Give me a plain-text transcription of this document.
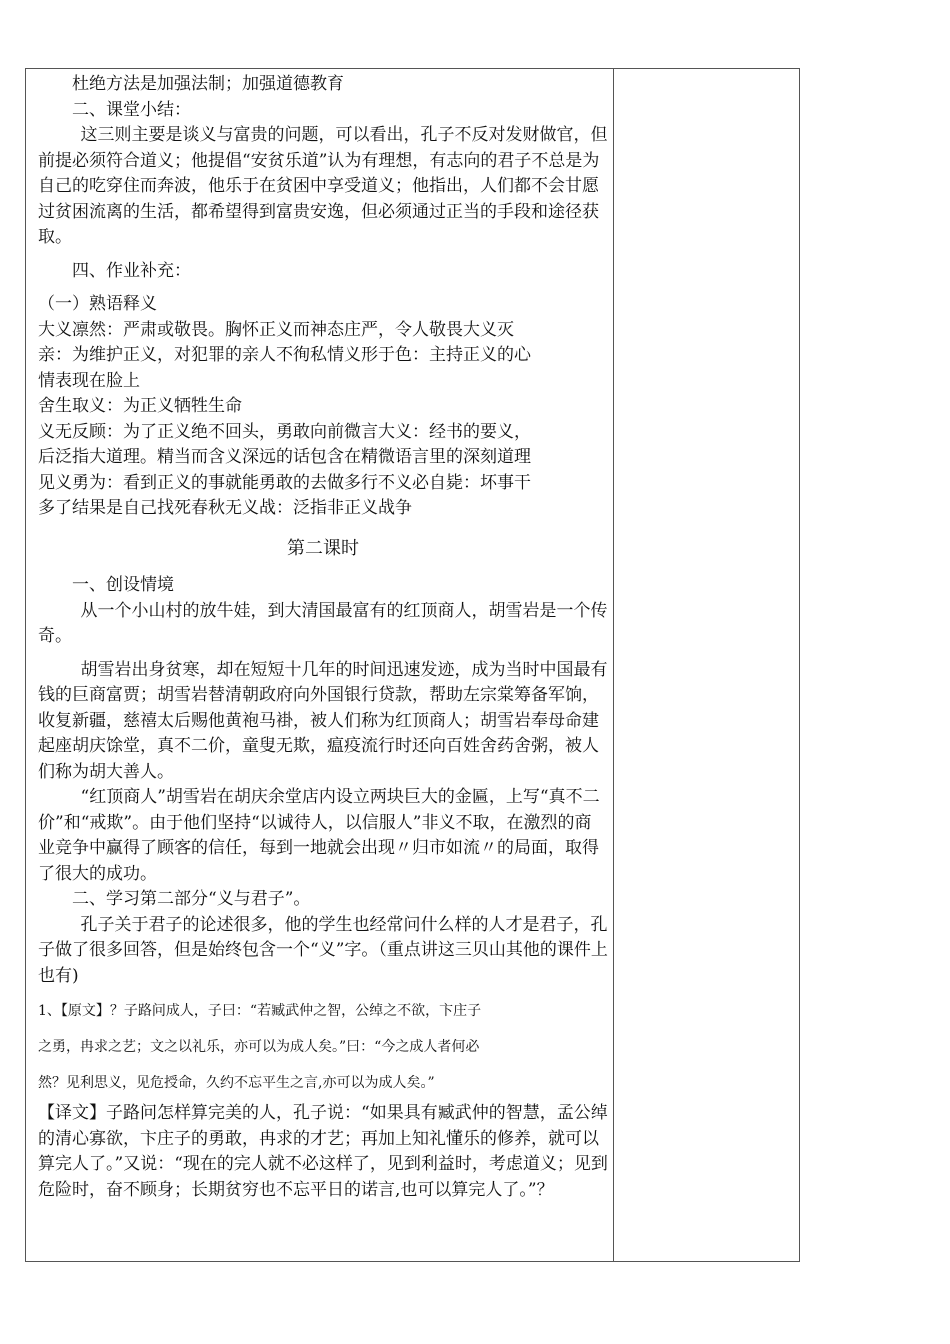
杜绝方法是加强法制；加强道德教育

二、课堂小结：

这三则主要是谈义与富贵的问题，可以看出，孔子不反对发财做官，但前提必须符合道义；他提倡“安贫乐道”认为有理想，有志向的君子不总是为自己的吃穿住而奔波，他乐于在贫困中享受道义；他指出，人们都不会甘愿过贫困流离的生活，都希望得到富贵安逸，但必须通过正当的手段和途径获取。

四、作业补充：

（一）熟语释义

大义凛然：严肃或敬畏。胸怀正义而神态庄严，令人敬畏大义灭

亲：为维护正义，对犯罪的亲人不徇私情义形于色：主持正义的心

情表现在脸上

舍生取义：为正义牺牲生命

义无反顾：为了正义绝不回头，勇敢向前微言大义：经书的要义，

后泛指大道理。精当而含义深远的话包含在精微语言里的深刻道理

见义勇为：看到正义的事就能勇敢的去做多行不义必自毙：坏事干

多了结果是自己找死春秋无义战：泛指非正义战争

第二课时

一、创设情境

从一个小山村的放牛娃，到大清国最富有的红顶商人，胡雪岩是一个传奇。

胡雪岩出身贫寒，却在短短十几年的时间迅速发迹，成为当时中国最有钱的巨商富贾；胡雪岩替清朝政府向外国银行贷款，帮助左宗棠筹备军饷，收复新疆，慈禧太后赐他黄袍马褂，被人们称为红顶商人；胡雪岩奉母命建起座胡庆馀堂，真不二价，童叟无欺，瘟疫流行时还向百姓舍药舍粥，被人们称为胡大善人。

“红顶商人”胡雪岩在胡庆余堂店内设立两块巨大的金匾，上写“真不二价”和“戒欺”。由于他们坚持“以诚待人，以信服人”非义不取，在激烈的商业竞争中赢得了顾客的信任，每到一地就会出现〃归市如流〃的局面，取得了很大的成功。

二、学习第二部分“义与君子”。

孔子关于君子的论述很多，他的学生也经常问什么样的人才是君子，孔子做了很多回答，但是始终包含一个“义”字。（重点讲这三贝山其他的课件上也有)

1、【原文】？子路问成人，子曰：“若臧武仲之智，公绰之不欲，卞庄子

之勇，冉求之艺；文之以礼乐，亦可以为成人矣。”曰：“今之成人者何必

然？见利思义，见危授命，久约不忘平生之言,亦可以为成人矣。”

【译文】子路问怎样算完美的人，孔子说：“如果具有臧武仲的智慧，孟公绰的清心寡欲，卞庄子的勇敢，冉求的才艺；再加上知礼懂乐的修养，就可以算完人了。”又说：“现在的完人就不必这样了，见到利益时，考虑道义；见到危险时，奋不顾身；长期贫穷也不忘平日的诺言,也可以算完人了。”？
